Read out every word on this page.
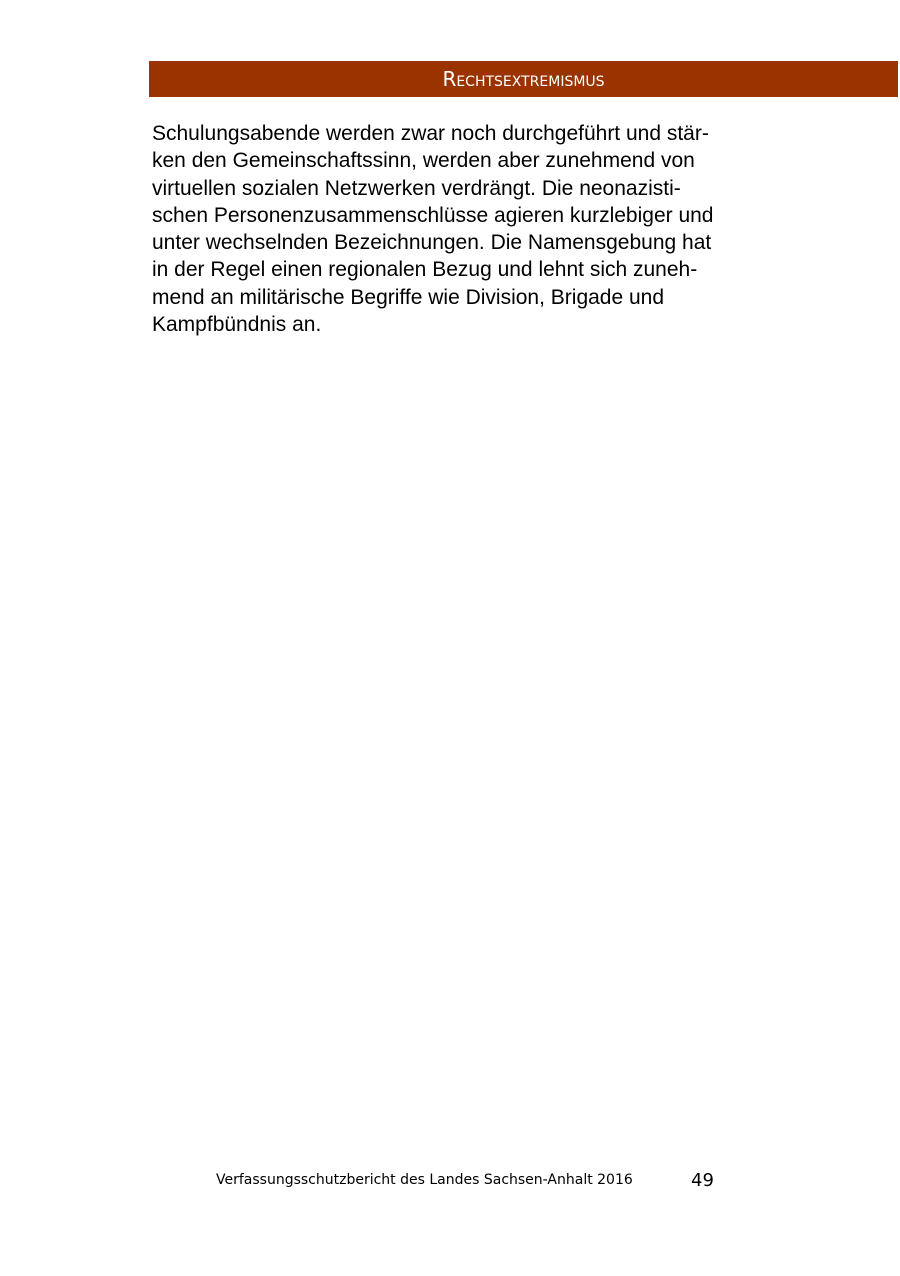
Rechtsextremismus

Schulungsabende werden zwar noch durchgeführt und stär-
ken den Gemeinschaftssinn, werden aber zunehmend von
virtuellen sozialen Netzwerken verdrängt. Die neonazisti-
schen Personenzusammenschlüsse agieren kurzlebiger und
unter wechselnden Bezeichnungen. Die Namensgebung hat
in der Regel einen regionalen Bezug und lehnt sich zuneh-
mend an militärische Begriffe wie Division, Brigade und
Kampfbündnis an.

Verfassungsschutzbericht des Landes Sachsen-Anhalt 2016	49
